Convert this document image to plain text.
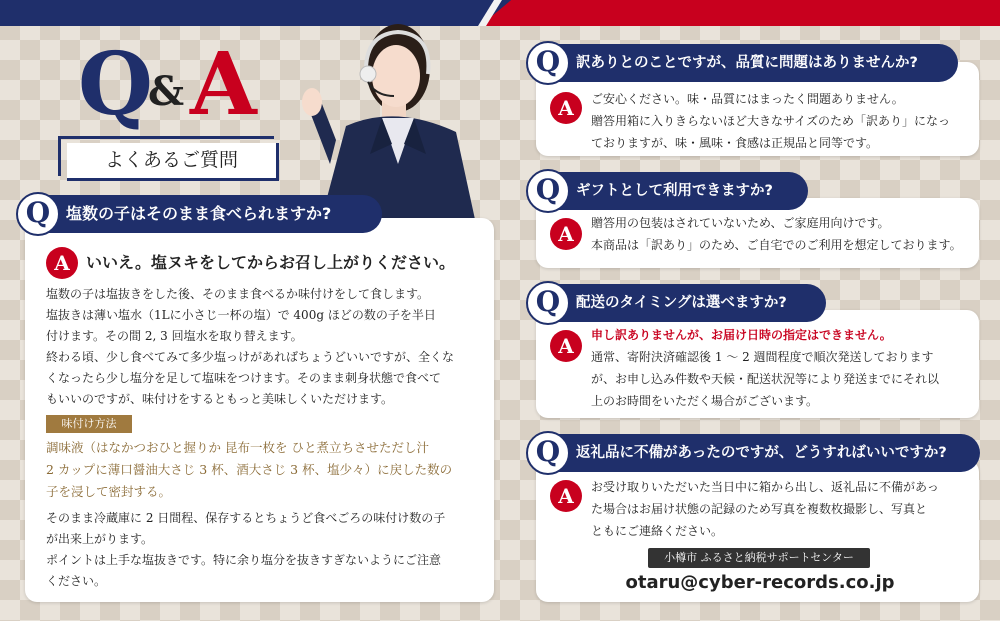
Q
& A
よくあるご質問
Q 塩数の子はそのまま食べられますか?
A	いいえ。塩ヌキをしてからお召し上がりください。
塩数の子は塩抜きをした後、そのまま食べるか味付けをして食します。
塩抜きは薄い塩水（1Lに小さじ一杯の塩）で 400g ほどの数の子を半日
付けます。その間 2, 3 回塩水を取り替えます。
終わる頃、少し食べてみて多少塩っけがあればちょうどいいですが、全くな
くなったら少し塩分を足して塩味をつけます。そのまま刺身状態で食べて
もいいのですが、味付けをするともっと美味しくいただけます。
味付け方法
調味液（はなかつおひと握りか 昆布一枚を ひと煮立ちさせただし汁
2 カップに薄口醤油大さじ 3 杯、酒大さじ 3 杯、塩少々）に戻した数の
子を浸して密封する。
そのまま冷蔵庫に 2 日間程、保存するとちょうど食べごろの味付け数の子
が出来上がります。
ポイントは上手な塩抜きです。特に余り塩分を抜きすぎないようにご注意
ください。
Q	訳ありとのことですが、品質に問題はありませんか?
A	ご安心ください。味・品質にはまったく問題ありません。
贈答用箱に入りきらないほど大きなサイズのため「訳あり」になっ
ておりますが、味・風味・食感は正規品と同等です。
Q	ギフトとして利用できますか?
A	贈答用の包装はされていないため、ご家庭用向けです。
本商品は「訳あり」のため、ご自宅でのご利用を想定しております。
Q	配送のタイミングは選べますか?
A	申し訳ありませんが、お届け日時の指定はできません。
通常、寄附決済確認後 1 〜 2 週間程度で順次発送しております
が、お申し込み件数や天候・配送状況等により発送までにそれ以
上のお時間をいただく場合がございます。
Q	返礼品に不備があったのですが、どうすればいいですか?
A	お受け取りいただいた当日中に箱から出し、返礼品に不備があっ
た場合はお届け状態の記録のため写真を複数枚撮影し、写真と
ともにご連絡ください。
小樽市 ふるさと納税サポートセンター
otaru@cyber-records.co.jp
